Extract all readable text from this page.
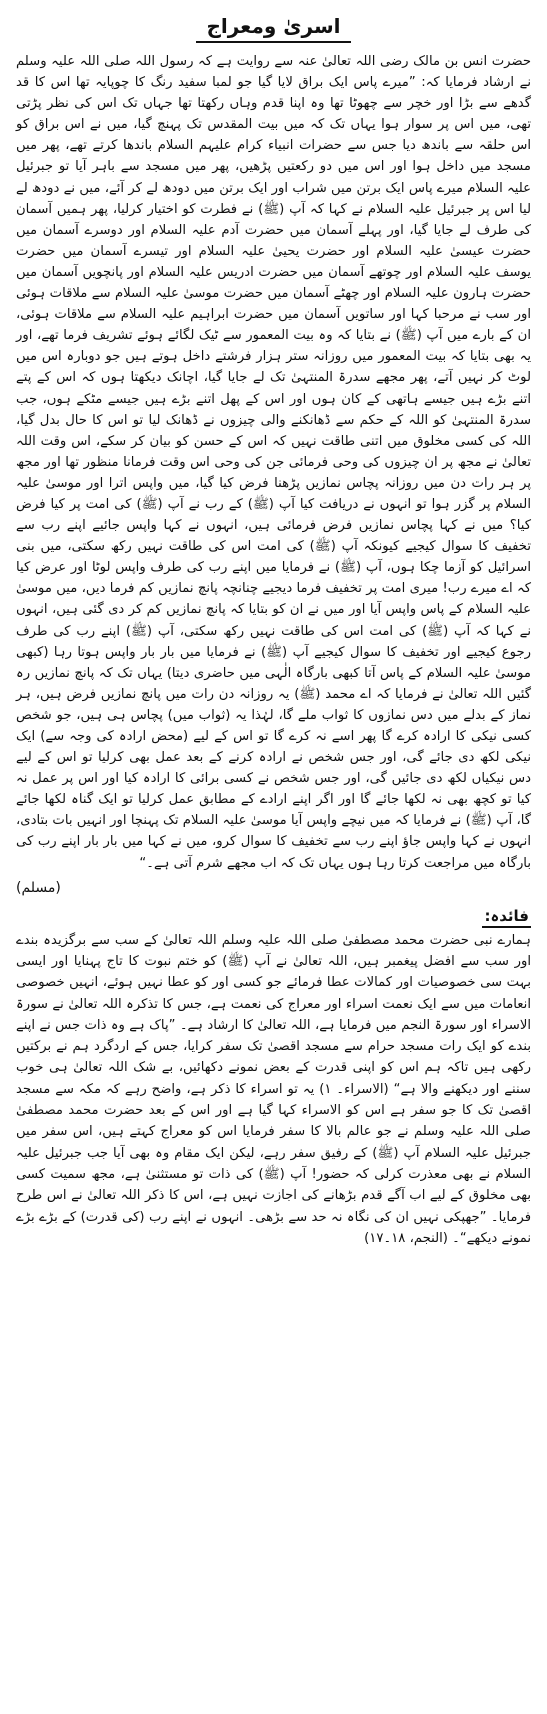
اسریٰ ومعراج

حضرت انس بن مالک رضی اللہ تعالیٰ عنہ سے روایت ہے کہ رسول اللہ صلی اللہ علیہ وسلم نے ارشاد فرمایا کہ: ”میرے پاس ایک براق لایا گیا جو لمبا سفید رنگ کا چوپایہ تھا اس کا قد گدھے سے بڑا اور خچر سے چھوٹا تھا وہ اپنا قدم وہاں رکھتا تھا جہاں تک اس کی نظر پڑتی تھی، میں اس پر سوار ہوا یہاں تک کہ میں بیت المقدس تک پہنچ گیا، میں نے اس براق کو اس حلقہ سے باندھ دیا جس سے حضرات انبیاء کرام علیہم السلام باندھا کرتے تھے، پھر میں مسجد میں داخل ہوا اور اس میں دو رکعتیں پڑھیں، پھر میں مسجد سے باہر آیا تو جبرئیل علیہ السلام میرے پاس ایک برتن میں شراب اور ایک برتن میں دودھ لے کر آئے، میں نے دودھ لے لیا اس پر جبرئیل علیہ السلام نے کہا کہ آپ (ﷺ) نے فطرت کو اختیار کرلیا، پھر ہمیں آسمان کی طرف لے جایا گیا، اور پہلے آسمان میں حضرت آدم علیہ السلام اور دوسرے آسمان میں حضرت عیسیٰ علیہ السلام اور حضرت یحییٰ علیہ السلام اور تیسرے آسمان میں حضرت یوسف علیہ السلام اور چوتھے آسمان میں حضرت ادریس علیہ السلام اور پانچویں آسمان میں حضرت ہارون علیہ السلام اور چھٹے آسمان میں حضرت موسیٰ علیہ السلام سے ملاقات ہوئی اور سب نے مرحبا کہا اور ساتویں آسمان میں حضرت ابراہیم علیہ السلام سے ملاقات ہوئی، ان کے بارے میں آپ (ﷺ) نے بتایا کہ وہ بیت المعمور سے ٹیک لگائے ہوئے تشریف فرما تھے، اور یہ بھی بتایا کہ بیت المعمور میں روزانہ ستر ہزار فرشتے داخل ہوتے ہیں جو دوبارہ اس میں لوٹ کر نہیں آتے، پھر مجھے سدرۃ المنتہیٰ تک لے جایا گیا، اچانک دیکھتا ہوں کہ اس کے پتے اتنے بڑے ہیں جیسے ہاتھی کے کان ہوں اور اس کے پھل اتنے بڑے ہیں جیسے مٹکے ہوں، جب سدرۃ المنتہیٰ کو اللہ کے حکم سے ڈھانکنے والی چیزوں نے ڈھانک لیا تو اس کا حال بدل گیا، اللہ کی کسی مخلوق میں اتنی طاقت نہیں کہ اس کے حسن کو بیان کر سکے، اس وقت اللہ تعالیٰ نے مجھ پر ان چیزوں کی وحی فرمائی جن کی وحی اس وقت فرمانا منظور تھا اور مجھ پر ہر رات دن میں روزانہ پچاس نمازیں پڑھنا فرض کیا گیا، میں واپس اترا اور موسیٰ علیہ السلام پر گزر ہوا تو انہوں نے دریافت کیا آپ (ﷺ) کے رب نے آپ (ﷺ) کی امت پر کیا فرض کیا؟ میں نے کہا پچاس نمازیں فرض فرمائی ہیں، انہوں نے کہا واپس جائیے اپنے رب سے تخفیف کا سوال کیجیے کیونکہ آپ (ﷺ) کی امت اس کی طاقت نہیں رکھ سکتی، میں بنی اسرائیل کو آزما چکا ہوں، آپ (ﷺ) نے فرمایا میں اپنے رب کی طرف واپس لوٹا اور عرض کیا کہ اے میرے رب! میری امت پر تخفیف فرما دیجیے چنانچہ پانچ نمازیں کم فرما دیں، میں موسیٰ علیہ السلام کے پاس واپس آیا اور میں نے ان کو بتایا کہ پانچ نمازیں کم کر دی گئی ہیں، انہوں نے کہا کہ آپ (ﷺ) کی امت اس کی طاقت نہیں رکھ سکتی، آپ (ﷺ) اپنے رب کی طرف رجوع کیجیے اور تخفیف کا سوال کیجیے آپ (ﷺ) نے فرمایا میں بار بار واپس ہوتا رہا (کبھی موسیٰ علیہ السلام کے پاس آتا کبھی بارگاہ الٰہی میں حاضری دیتا) یہاں تک کہ پانچ نمازیں رہ گئیں اللہ تعالیٰ نے فرمایا کہ اے محمد (ﷺ) یہ روزانہ دن رات میں پانچ نمازیں فرض ہیں، ہر نماز کے بدلے میں دس نمازوں کا ثواب ملے گا، لہٰذا یہ (ثواب میں) پچاس ہی ہیں، جو شخص کسی نیکی کا ارادہ کرے گا پھر اسے نہ کرے گا تو اس کے لیے (محض ارادہ کی وجہ سے) ایک نیکی لکھ دی جائے گی، اور جس شخص نے ارادہ کرنے کے بعد عمل بھی کرلیا تو اس کے لیے دس نیکیاں لکھ دی جائیں گی، اور جس شخص نے کسی برائی کا ارادہ کیا اور اس پر عمل نہ کیا تو کچھ بھی نہ لکھا جائے گا اور اگر اپنے ارادے کے مطابق عمل کرلیا تو ایک گناہ لکھا جائے گا، آپ (ﷺ) نے فرمایا کہ میں نیچے واپس آیا موسیٰ علیہ السلام تک پہنچا اور انہیں بات بتادی، انہوں نے کہا واپس جاؤ اپنے رب سے تخفیف کا سوال کرو، میں نے کہا میں بار بار اپنے رب کی بارگاہ میں مراجعت کرتا رہا ہوں یہاں تک کہ اب مجھے شرم آتی ہے۔“

(مسلم)
فائدہ:

ہمارے نبی حضرت محمد مصطفیٰ صلی اللہ علیہ وسلم اللہ تعالیٰ کے سب سے برگزیدہ بندے اور سب سے افضل پیغمبر ہیں، اللہ تعالیٰ نے آپ (ﷺ) کو ختم نبوت کا تاج پہنایا اور ایسی بہت سی خصوصیات اور کمالات عطا فرمائے جو کسی اور کو عطا نہیں ہوئے، انہیں خصوصی انعامات میں سے ایک نعمت اسراء اور معراج کی نعمت ہے، جس کا تذکرہ اللہ تعالیٰ نے سورۃ الاسراء اور سورۃ النجم میں فرمایا ہے، اللہ تعالیٰ کا ارشاد ہے۔ ”پاک ہے وہ ذات جس نے اپنے بندے کو ایک رات مسجد حرام سے مسجد اقصیٰ تک سفر کرایا، جس کے اردگرد ہم نے برکتیں رکھی ہیں تاکہ ہم اس کو اپنی قدرت کے بعض نمونے دکھائیں، بے شک اللہ تعالیٰ ہی خوب سننے اور دیکھنے والا ہے“ (الاسراء۔ ۱) یہ تو اسراء کا ذکر ہے، واضح رہے کہ مکہ سے مسجد اقصیٰ تک کا جو سفر ہے اس کو الاسراء کہا گیا ہے اور اس کے بعد حضرت محمد مصطفیٰ صلی اللہ علیہ وسلم نے جو عالم بالا کا سفر فرمایا اس کو معراج کہتے ہیں، اس سفر میں جبرئیل علیہ السلام آپ (ﷺ) کے رفیق سفر رہے، لیکن ایک مقام وہ بھی آیا جب جبرئیل علیہ السلام نے بھی معذرت کرلی کہ حضور! آپ (ﷺ) کی ذات تو مستثنیٰ ہے، مجھ سمیت کسی بھی مخلوق کے لیے اب آگے قدم بڑھانے کی اجازت نہیں ہے، اس کا ذکر اللہ تعالیٰ نے اس طرح فرمایا۔ ”جھپکی نہیں ان کی نگاہ نہ حد سے بڑھی۔ انہوں نے اپنے رب (کی قدرت) کے بڑے بڑے نمونے دیکھے“۔ (النجم، ۱۸۔۱۷)
